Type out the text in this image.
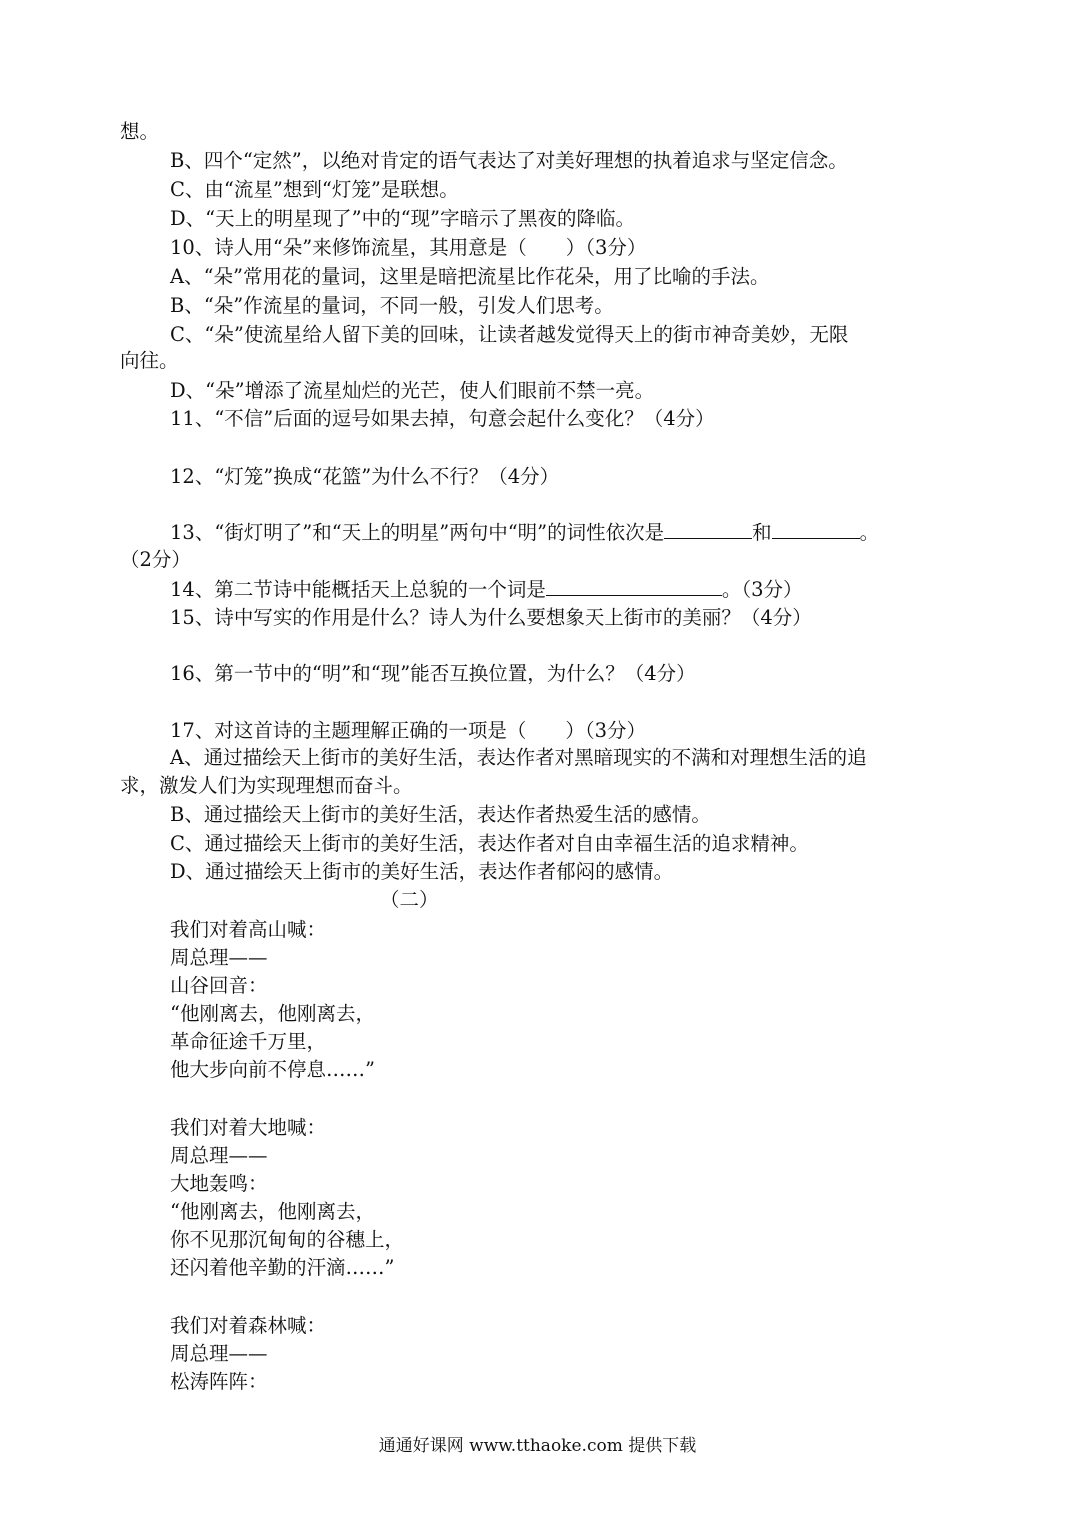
想。
B、四个“定然”，以绝对肯定的语气表达了对美好理想的执着追求与坚定信念。
C、由“流星”想到“灯笼”是联想。
D、“天上的明星现了”中的“现”字暗示了黑夜的降临。
10、诗人用“朵”来修饰流星，其用意是（　　）（3分）
A、“朵”常用花的量词，这里是暗把流星比作花朵，用了比喻的手法。
B、“朵”作流星的量词，不同一般，引发人们思考。
C、“朵”使流星给人留下美的回味，让读者越发觉得天上的街市神奇美妙，无限
向往。
D、“朵”增添了流星灿烂的光芒，使人们眼前不禁一亮。
11、“不信”后面的逗号如果去掉，句意会起什么变化？（4分）
12、“灯笼”换成“花篮”为什么不行？（4分）
13、“街灯明了”和“天上的明星”两句中“明”的词性依次是	和	。
（2分）
14、第二节诗中能概括天上总貌的一个词是	。（3分）
15、诗中写实的作用是什么？诗人为什么要想象天上街市的美丽？（4分）
16、第一节中的“明”和“现”能否互换位置，为什么？（4分）
17、对这首诗的主题理解正确的一项是（　　）（3分）
A、通过描绘天上街市的美好生活，表达作者对黑暗现实的不满和对理想生活的追
求，激发人们为实现理想而奋斗。
B、通过描绘天上街市的美好生活，表达作者热爱生活的感情。
C、通过描绘天上街市的美好生活，表达作者对自由幸福生活的追求精神。
D、通过描绘天上街市的美好生活，表达作者郁闷的感情。
（二）
我们对着高山喊：
周总理——
山谷回音：
“他刚离去，他刚离去，
革命征途千万里，
他大步向前不停息……”
我们对着大地喊：
周总理——
大地轰鸣：
“他刚离去，他刚离去，
你不见那沉甸甸的谷穗上，
还闪着他辛勤的汗滴……”
我们对着森林喊：
周总理——
松涛阵阵：
通通好课网 www.tthaoke.com 提供下载
